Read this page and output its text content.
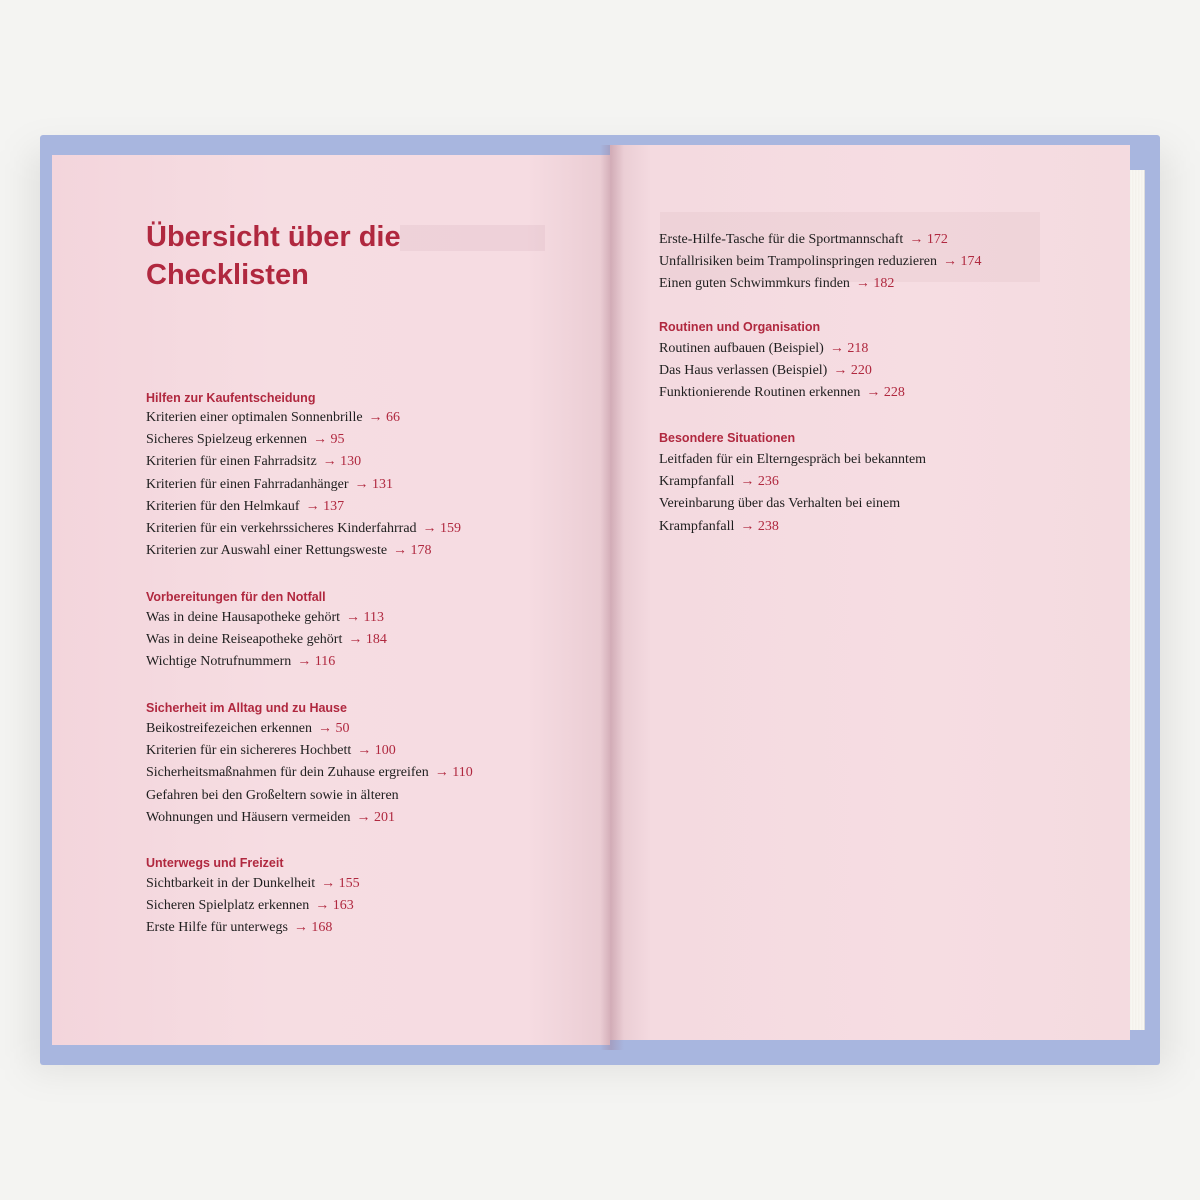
Übersicht über die
Checklisten
Hilfen zur Kaufentscheidung
Kriterien einer optimalen Sonnenbrille → 66
Sicheres Spielzeug erkennen → 95
Kriterien für einen Fahrradsitz → 130
Kriterien für einen Fahrradanhänger → 131
Kriterien für den Helmkauf → 137
Kriterien für ein verkehrssicheres Kinderfahrrad → 159
Kriterien zur Auswahl einer Rettungsweste → 178
Vorbereitungen für den Notfall
Was in deine Hausapotheke gehört → 113
Was in deine Reiseapotheke gehört → 184
Wichtige Notrufnummern → 116
Sicherheit im Alltag und zu Hause
Beikostreifezeichen erkennen → 50
Kriterien für ein sichereres Hochbett → 100
Sicherheitsmaßnahmen für dein Zuhause ergreifen → 110
Gefahren bei den Großeltern sowie in älteren
Wohnungen und Häusern vermeiden → 201
Unterwegs und Freizeit
Sichtbarkeit in der Dunkelheit → 155
Sicheren Spielplatz erkennen → 163
Erste Hilfe für unterwegs → 168
Erste-Hilfe-Tasche für die Sportmannschaft → 172
Unfallrisiken beim Trampolinspringen reduzieren → 174
Einen guten Schwimmkurs finden → 182
Routinen und Organisation
Routinen aufbauen (Beispiel) → 218
Das Haus verlassen (Beispiel) → 220
Funktionierende Routinen erkennen → 228
Besondere Situationen
Leitfaden für ein Elterngespräch bei bekanntem
Krampfanfall → 236
Vereinbarung über das Verhalten bei einem
Krampfanfall → 238
